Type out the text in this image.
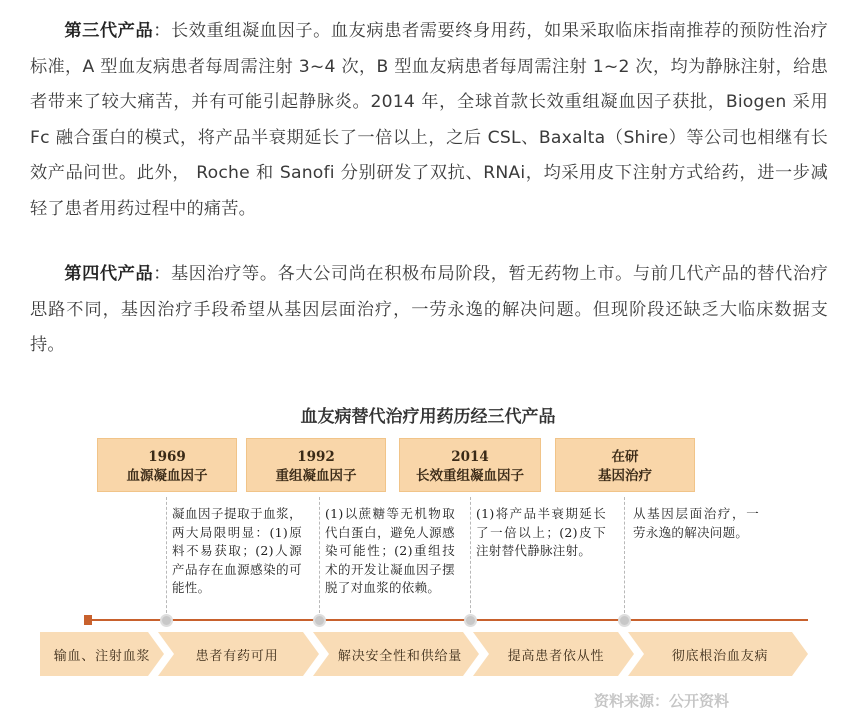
第三代产品：长效重组凝血因子。血友病患者需要终身用药，如果采取临床指南推荐的预防性治疗标准，A 型血友病患者每周需注射 3~4 次，B 型血友病患者每周需注射 1~2 次，均为静脉注射，给患者带来了较大痛苦，并有可能引起静脉炎。2014 年，全球首款长效重组凝血因子获批，Biogen 采用 Fc 融合蛋白的模式，将产品半衰期延长了一倍以上，之后 CSL、Baxalta（Shire）等公司也相继有长效产品问世。此外， Roche 和 Sanofi 分别研发了双抗、RNAi，均采用皮下注射方式给药，进一步减轻了患者用药过程中的痛苦。

第四代产品：基因治疗等。各大公司尚在积极布局阶段，暂无药物上市。与前几代产品的替代治疗思路不同，基因治疗手段希望从基因层面治疗，一劳永逸的解决问题。但现阶段还缺乏大临床数据支持。

血友病替代治疗用药历经三代产品
1969
血源凝血因子
1992
重组凝血因子
2014
长效重组凝血因子
在研
基因治疗
凝血因子提取于血浆，两大局限明显：(1)原料不易获取；(2)人源产品存在血源感染的可能性。
(1)以蔗糖等无机物取代白蛋白，避免人源感染可能性；(2)重组技术的开发让凝血因子摆脱了对血浆的依赖。
(1)将产品半衰期延长了一倍以上；(2)皮下注射替代静脉注射。
从基因层面治疗，一劳永逸的解决问题。
输血、注射血浆	患者有药可用	解决安全性和供给量	提高患者依从性	彻底根治血友病
资料来源：公开资料
